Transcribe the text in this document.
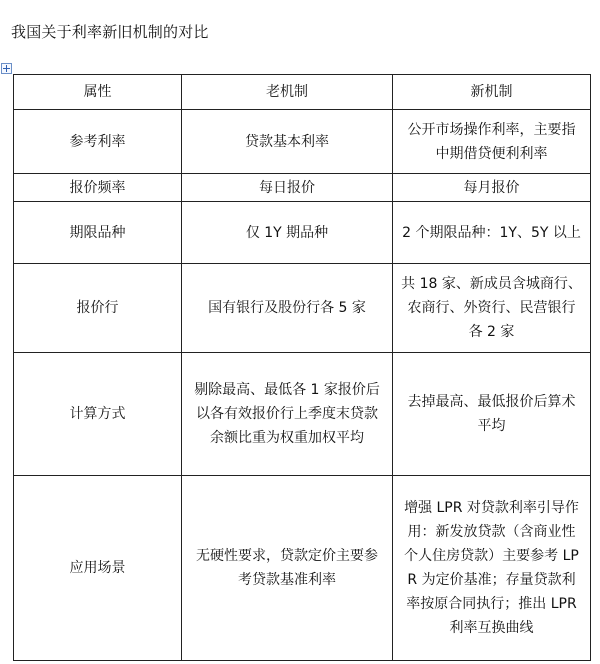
我国关于利率新旧机制的对比
属性	老机制	新机制
参考利率	贷款基本利率	公开市场操作利率，主要指中期借贷便利利率
报价频率	每日报价	每月报价
期限品种	仅 1Y 期品种	2 个期限品种：1Y、5Y 以上
报价行	国有银行及股份行各 5 家	共 18 家、新成员含城商行、农商行、外资行、民营银行各 2 家
计算方式	剔除最高、最低各 1 家报价后以各有效报价行上季度末贷款余额比重为权重加权平均	去掉最高、最低报价后算术平均
应用场景	无硬性要求，贷款定价主要参考贷款基准利率	增强 LPR 对贷款利率引导作用：新发放贷款（含商业性个人住房贷款）主要参考 LPR 为定价基准；存量贷款利率按原合同执行；推出 LPR 利率互换曲线
